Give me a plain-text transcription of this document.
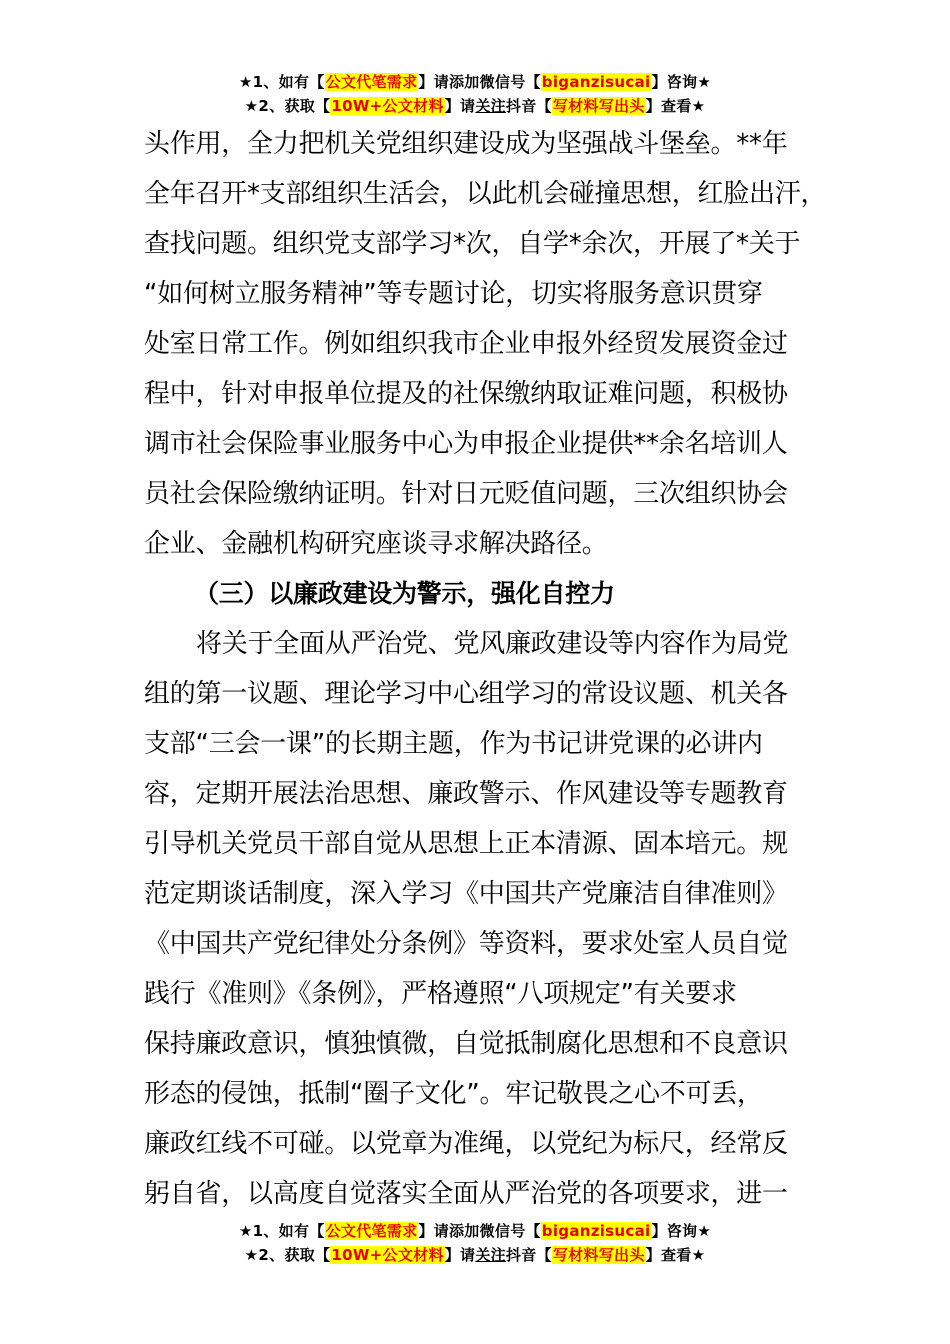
★1、如有【公文代笔需求】请添加微信号【biganzisucai】咨询★
★2、获取【10W+公文材料】请关注抖音【写材料写出头】查看★
头作用，全力把机关党组织建设成为坚强战斗堡垒。**年
全年召开*支部组织生活会，以此机会碰撞思想，红脸出汗，
查找问题。组织党支部学习*次，自学*余次，开展了*关于
“如何树立服务精神”等专题讨论，切实将服务意识贯穿
处室日常工作。例如组织我市企业申报外经贸发展资金过
程中，针对申报单位提及的社保缴纳取证难问题，积极协
调市社会保险事业服务中心为申报企业提供**余名培训人
员社会保险缴纳证明。针对日元贬值问题，三次组织协会
企业、金融机构研究座谈寻求解决路径。
（三）以廉政建设为警示，强化自控力
将关于全面从严治党、党风廉政建设等内容作为局党
组的第一议题、理论学习中心组学习的常设议题、机关各
支部“三会一课”的长期主题，作为书记讲党课的必讲内
容，定期开展法治思想、廉政警示、作风建设等专题教育
引导机关党员干部自觉从思想上正本清源、固本培元。规
范定期谈话制度，深入学习《中国共产党廉洁自律准则》
《中国共产党纪律处分条例》等资料，要求处室人员自觉
践行《准则》《条例》，严格遵照“八项规定”有关要求
保持廉政意识，慎独慎微，自觉抵制腐化思想和不良意识
形态的侵蚀，抵制“圈子文化”。牢记敬畏之心不可丢，
廉政红线不可碰。以党章为准绳，以党纪为标尺，经常反
躬自省，以高度自觉落实全面从严治党的各项要求，进一
★1、如有【公文代笔需求】请添加微信号【biganzisucai】咨询★
★2、获取【10W+公文材料】请关注抖音【写材料写出头】查看★
